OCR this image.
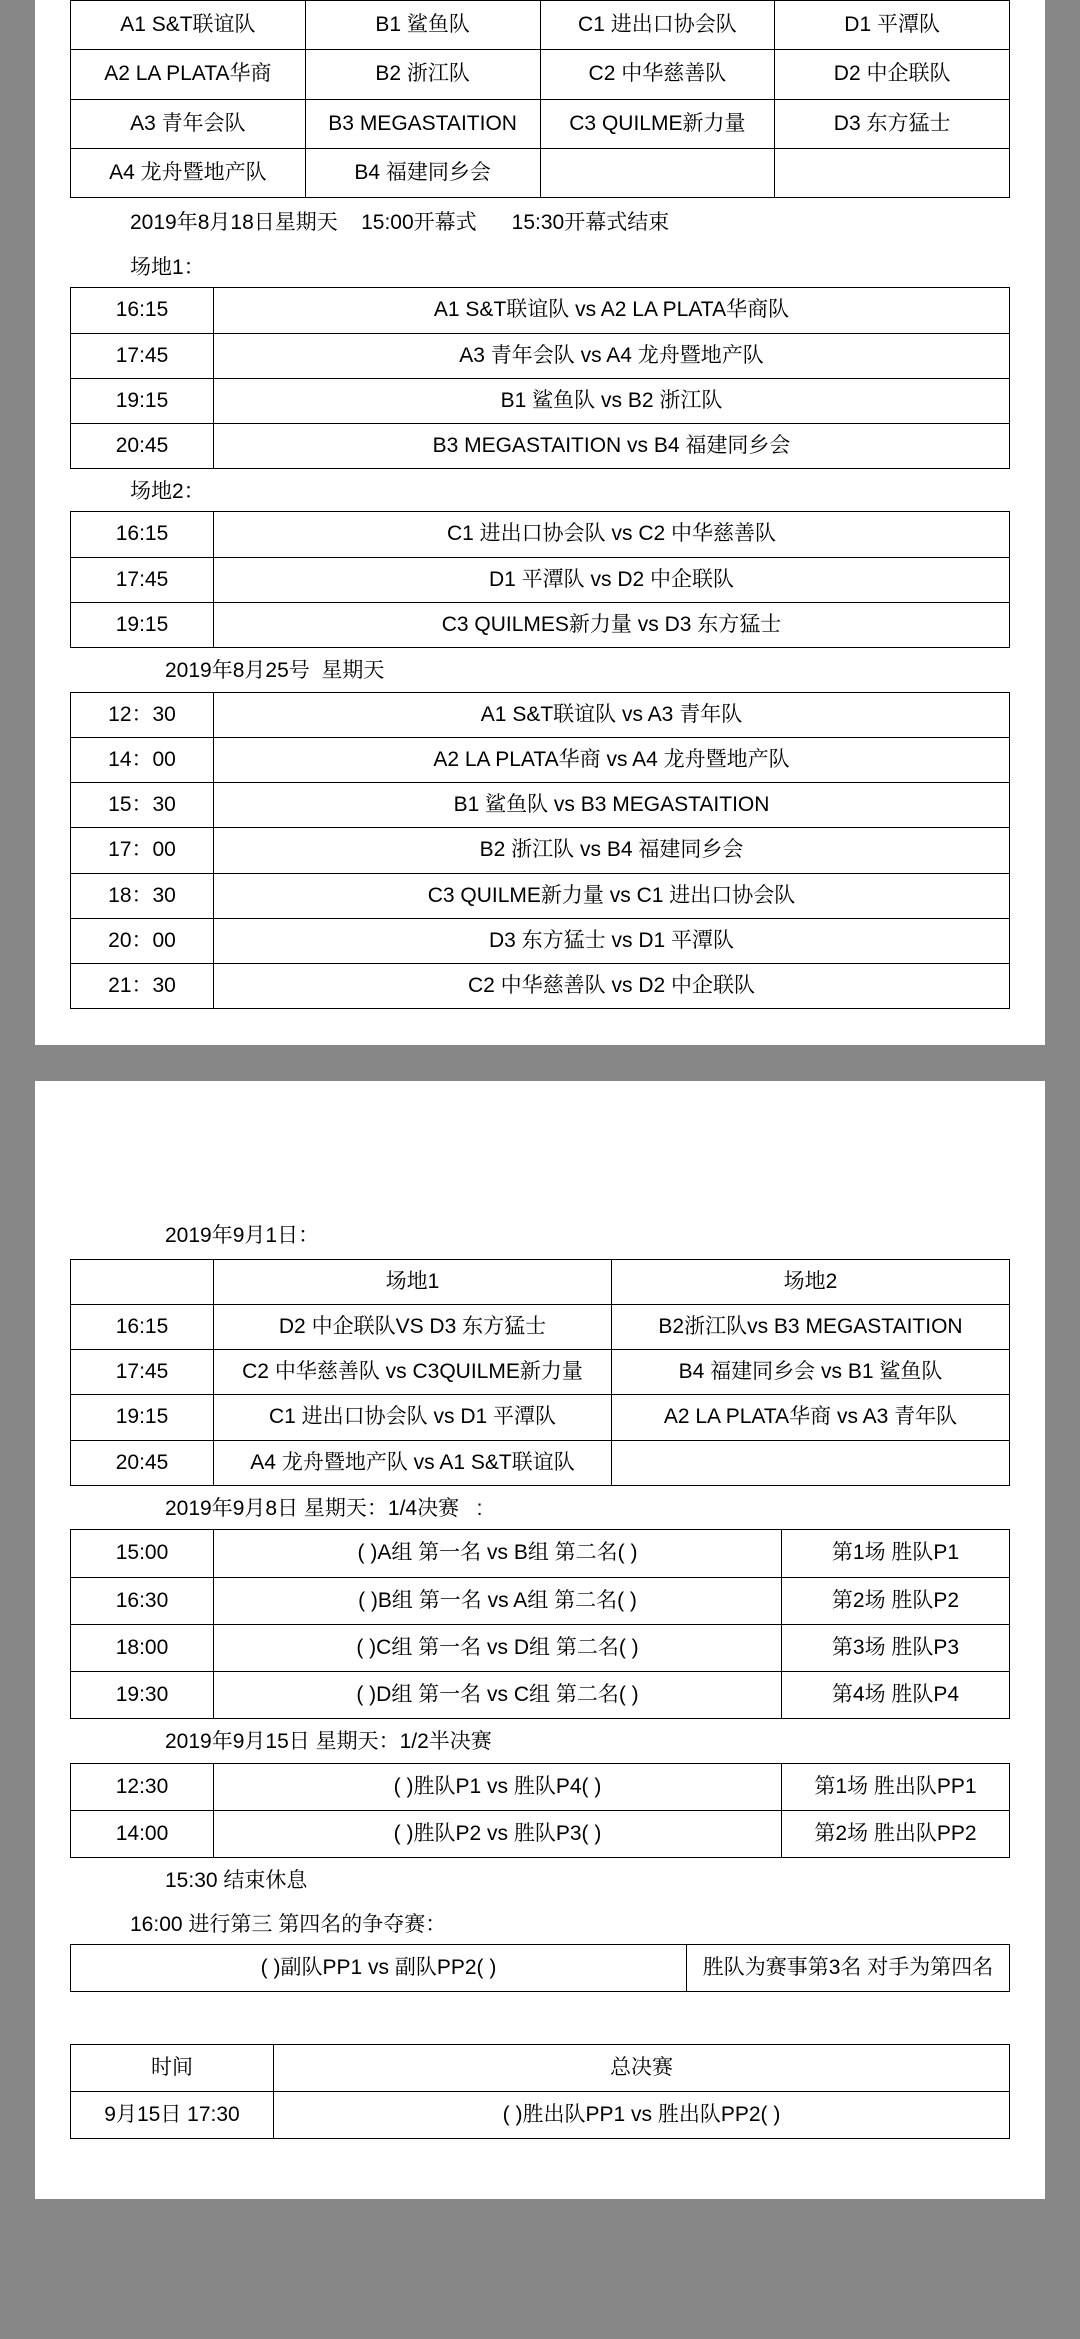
A1 S&T联谊队	B1 鲨鱼队	C1 进出口协会队	D1 平潭队
A2 LA PLATA华商	B2 浙江队	C2 中华慈善队	D2 中企联队
A3 青年会队	B3 MEGASTAITION	C3 QUILME新力量	D3 东方猛士
A4 龙舟暨地产队	B4 福建同乡会		
2019年8月18日星期天    15:00开幕式      15:30开幕式结束
场地1：
16:15	A1 S&T联谊队 vs A2 LA PLATA华商队
17:45	A3 青年会队 vs A4 龙舟暨地产队
19:15	B1 鲨鱼队 vs B2 浙江队
20:45	B3 MEGASTAITION vs B4 福建同乡会
场地2：
16:15	C1 进出口协会队 vs C2 中华慈善队
17:45	D1 平潭队 vs D2 中企联队
19:15	C3 QUILMES新力量 vs D3 东方猛士
2019年8月25号  星期天
12：30	A1 S&T联谊队 vs A3 青年队
14：00	A2 LA PLATA华商 vs A4 龙舟暨地产队
15：30	B1 鲨鱼队 vs B3 MEGASTAITION
17：00	B2 浙江队 vs B4 福建同乡会
18：30	C3 QUILME新力量 vs C1 进出口协会队
20：00	D3 东方猛士 vs D1 平潭队
21：30	C2 中华慈善队 vs D2 中企联队
2019年9月1日：
	场地1	场地2
16:15	D2 中企联队VS D3 东方猛士	B2浙江队vs B3 MEGASTAITION
17:45	C2 中华慈善队 vs C3QUILME新力量	B4 福建同乡会 vs B1 鲨鱼队
19:15	C1 进出口协会队 vs D1 平潭队	A2 LA PLATA华商 vs A3 青年队
20:45	A4 龙舟暨地产队 vs A1 S&T联谊队	
2019年9月8日 星期天：1/4决赛   :
15:00	( )A组 第一名 vs B组 第二名( )	第1场 胜队P1
16:30	( )B组 第一名 vs A组 第二名( )	第2场 胜队P2
18:00	( )C组 第一名 vs D组 第二名( )	第3场 胜队P3
19:30	( )D组 第一名 vs C组 第二名( )	第4场 胜队P4
2019年9月15日 星期天：1/2半决赛
12:30	( )胜队P1 vs 胜队P4( )	第1场 胜出队PP1
14:00	( )胜队P2 vs 胜队P3( )	第2场 胜出队PP2
15:30 结束休息
16:00 进行第三 第四名的争夺赛：
( )副队PP1 vs 副队PP2( )	胜队为赛事第3名 对手为第四名
时间	总决赛
9月15日 17:30	( )胜出队PP1 vs 胜出队PP2( )
